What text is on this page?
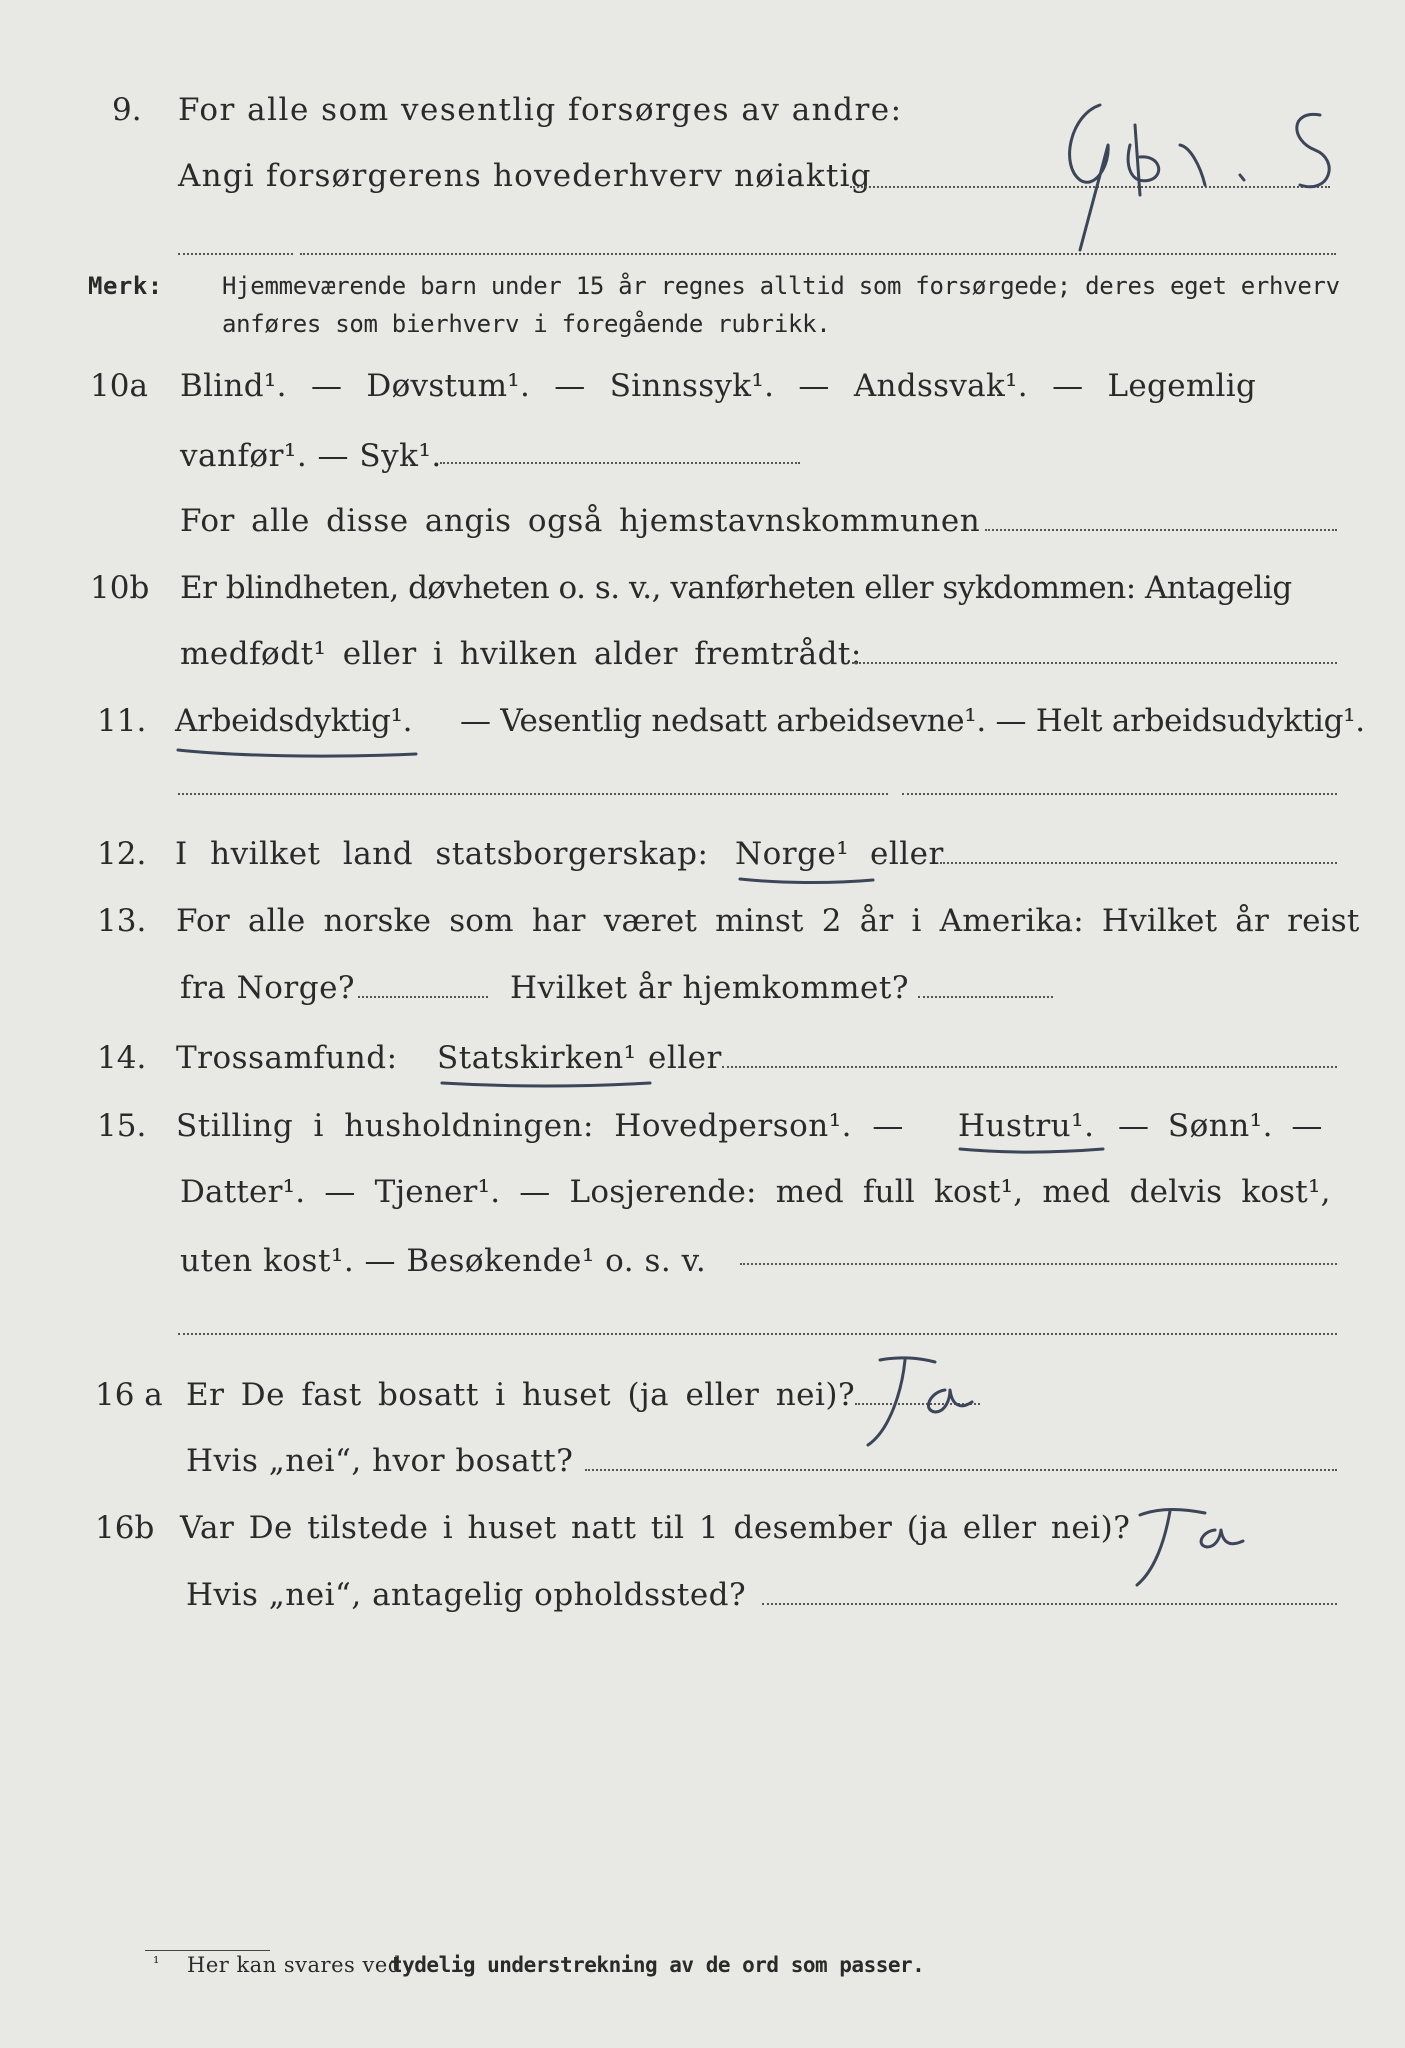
9. For alle som vesentlig forsørges av andre:
Angi forsørgerens hovederhverv nøiaktig
Merk: Hjemmeværende barn under 15 år regnes alltid som forsørgede; deres eget erhverv
anføres som bierhverv i foregående rubrikk.
10a Blind¹. — Døvstum¹. — Sinnssyk¹. — Andssvak¹. — Legemlig
vanfør¹. — Syk¹.
For alle disse angis også hjemstavnskommunen
10b Er blindheten, døvheten o. s. v., vanførheten eller sykdommen: Antagelig
medfødt¹ eller i hvilken alder fremtrådt:
11. Arbeidsdyktig¹. — Vesentlig nedsatt arbeidsevne¹. — Helt arbeidsudyktig¹.
12. I hvilket land statsborgerskap: Norge¹ eller
13. For alle norske som har været minst 2 år i Amerika: Hvilket år reist
fra Norge?	Hvilket år hjemkommet?
14. Trossamfund: Statskirken¹ eller
15. Stilling i husholdningen: Hovedperson¹. — Hustru¹. — Sønn¹. —
Datter¹. — Tjener¹. — Losjerende: med full kost¹, med delvis kost¹,
uten kost¹. — Besøkende¹ o. s. v.
16 a Er De fast bosatt i huset (ja eller nei)?
Hvis „nei“, hvor bosatt?
16b Var De tilstede i huset natt til 1 desember (ja eller nei)?
Hvis „nei“, antagelig opholdssted?
¹ Her kan svares ved
tydelig understrekning av de ord som passer.
